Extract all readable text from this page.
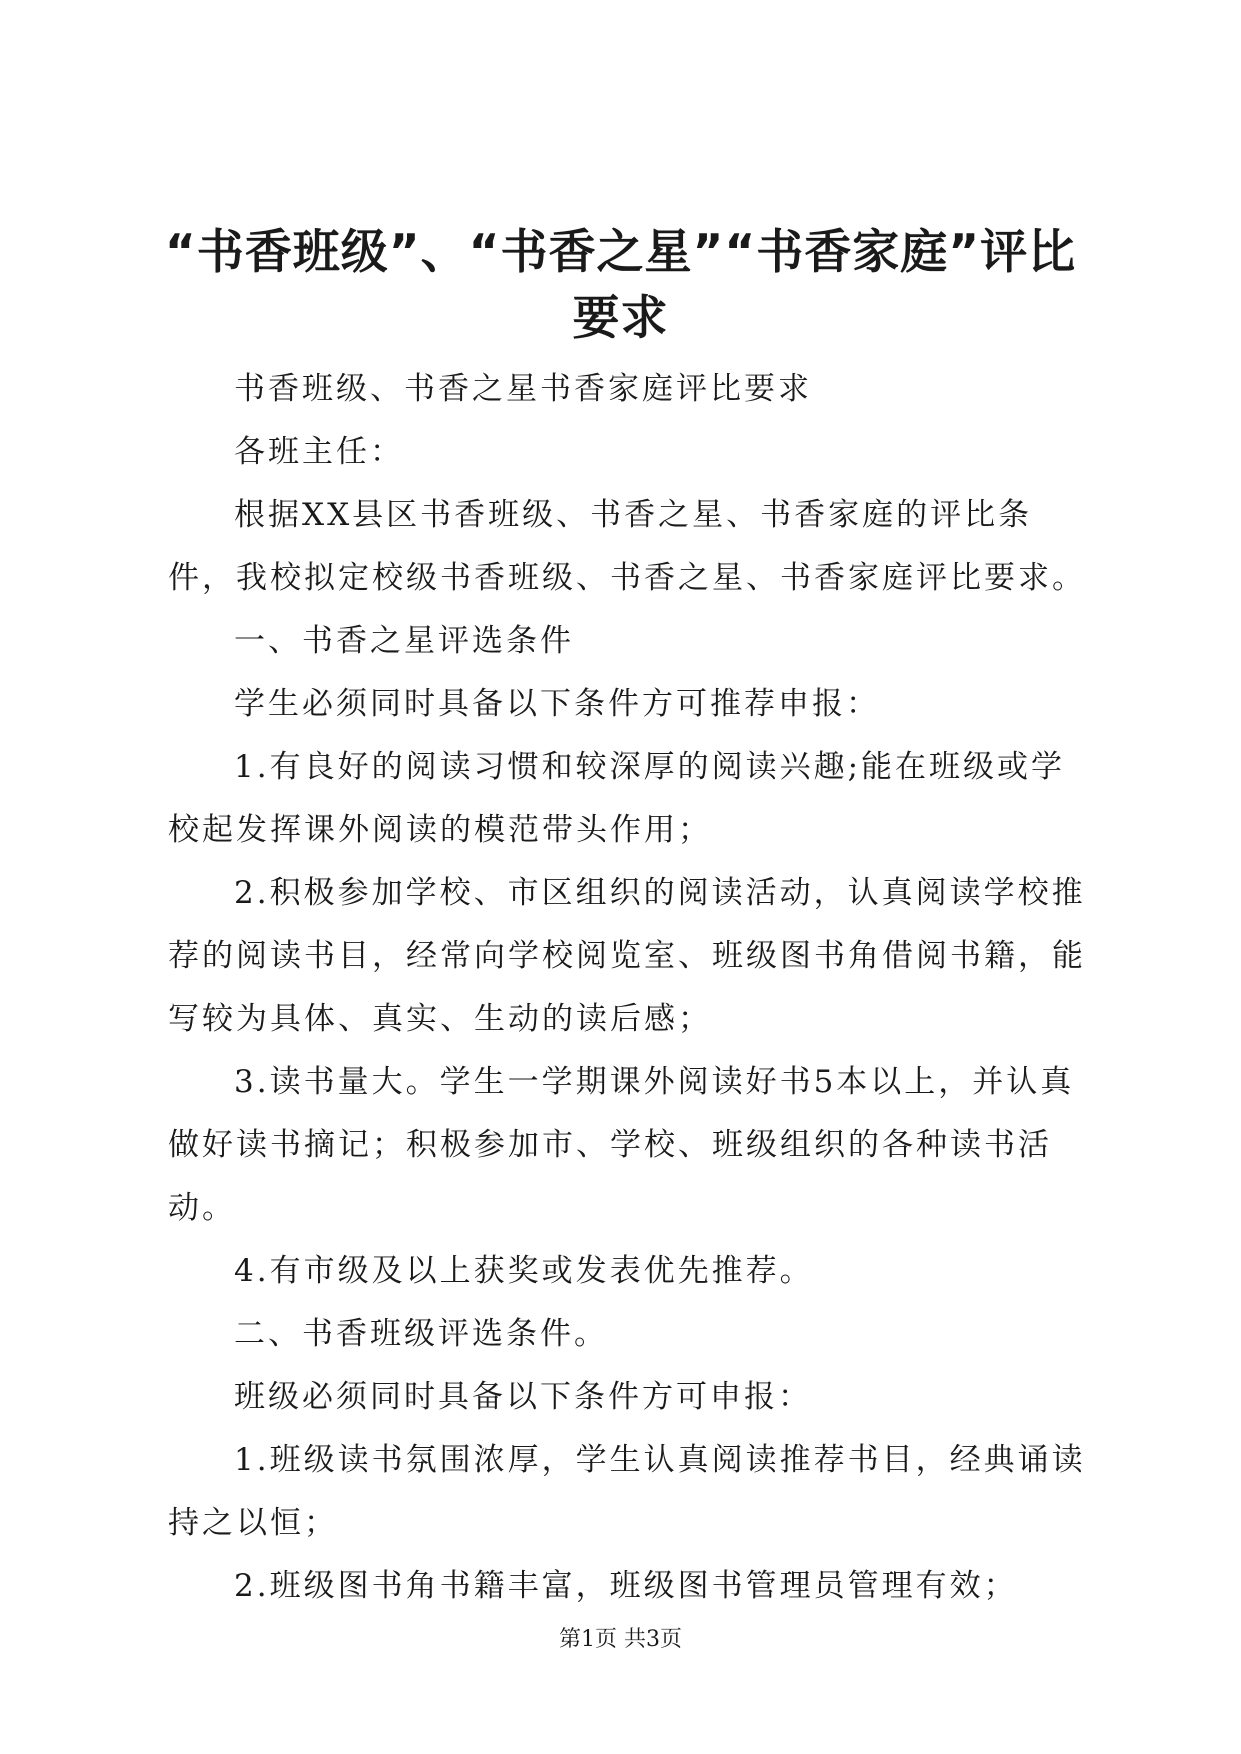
“书香班级”、“书香之星”“书香家庭”评比要求

书香班级、书香之星书香家庭评比要求

各班主任：

根据XX县区书香班级、书香之星、书香家庭的评比条件，我校拟定校级书香班级、书香之星、书香家庭评比要求。

一、书香之星评选条件

学生必须同时具备以下条件方可推荐申报：

1.有良好的阅读习惯和较深厚的阅读兴趣;能在班级或学校起发挥课外阅读的模范带头作用；

2.积极参加学校、市区组织的阅读活动，认真阅读学校推荐的阅读书目，经常向学校阅览室、班级图书角借阅书籍，能写较为具体、真实、生动的读后感；

3.读书量大。学生一学期课外阅读好书5本以上，并认真做好读书摘记；积极参加市、学校、班级组织的各种读书活动。

4.有市级及以上获奖或发表优先推荐。

二、书香班级评选条件。

班级必须同时具备以下条件方可申报：

1.班级读书氛围浓厚，学生认真阅读推荐书目，经典诵读持之以恒；

2.班级图书角书籍丰富，班级图书管理员管理有效；

第1页 共3页
